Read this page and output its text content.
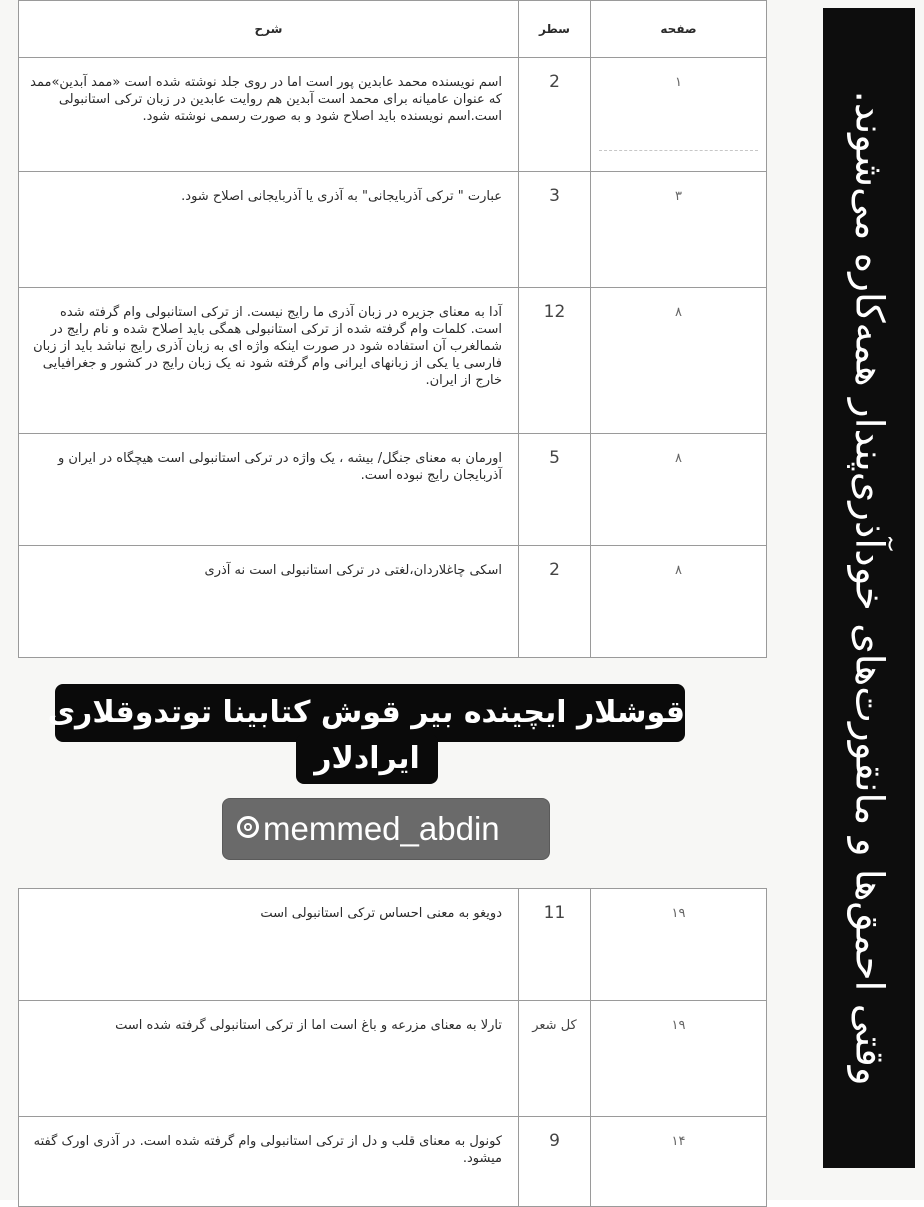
صفحه	سطر	شرح

۱	2	اسم نویسنده محمد عابدین پور است اما در روی جلد نوشته شده است «ممد آبدین»ممد که عنوان عامیانه برای محمد است آبدین هم روایت عابدین در زبان ترکی استانبولی است.اسم نویسنده باید اصلاح شود و به صورت رسمی نوشته شود.

۳	3	عبارت " ترکی آذربایجانی" به آذری یا آذربایجانی اصلاح شود.

۸	12	آدا به معنای جزیره در زبان آذری ما رایج نیست. از ترکی استانبولی وام گرفته شده است. کلمات وام گرفته شده از ترکی استانبولی همگی باید اصلاح شده و نام رایج در شمالغرب آن استفاده شود در صورت اینکه واژه ای به زبان آذری رایج نباشد باید از زبان فارسی یا یکی از زبانهای ایرانی وام گرفته شود نه یک زبان رایج در کشور و جغرافیایی خارج از ایران.

۸	5	اورمان به معنای جنگل/ بیشه ، یک واژه در ترکی استانبولی است هیچگاه در ایران و آذربایجان رایج نبوده است.

۸	2	اسکی چاغلاردان،لغتی در ترکی استانبولی است نه آذری
۱۹	11	دویغو به معنی احساس ترکی استانبولی است

۱۹	کل شعر	تارلا به معنای مزرعه و باغ است اما از ترکی استانبولی گرفته شده است

۱۴	9	کونول به معنای قلب و دل از ترکی استانبولی وام گرفته شده است. در آذری اورک گفته میشود.
وقتی احمق‌ها و مانقورت‌های خودآذری‌پندار همه‌کاره می‌شوند.
قوشلار ایچینده بیر قوش کتابینا توتدوقلاری
ایرادلار
memmed_abdin
